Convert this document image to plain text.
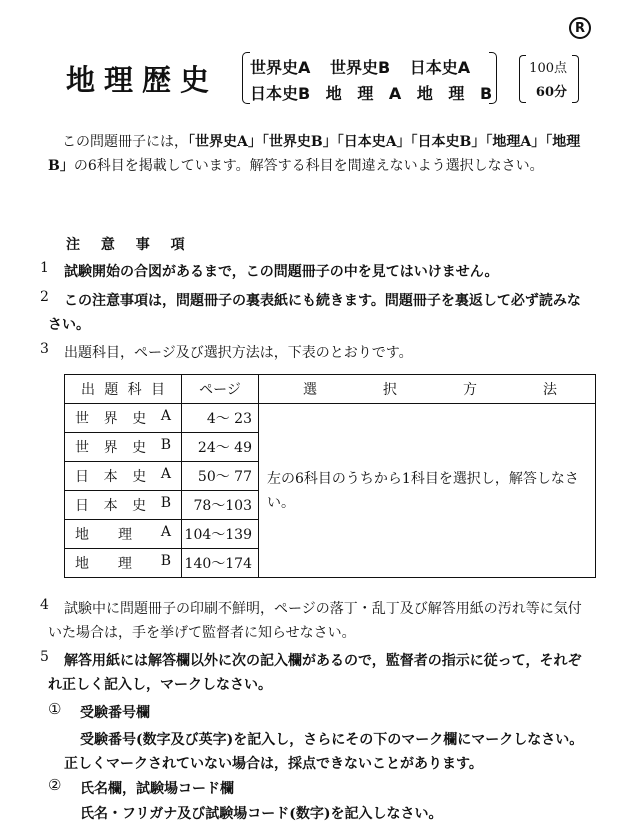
R
地理歴史 世界史A 世界史B 日本史A
日本史B 地 理 A 地 理 B
100点
60分
この問題冊子には，「世界史A」「世界史B」「日本史A」「日本史B」「地理A」「地理B」の6科目を掲載しています。解答する科目を間違えないよう選択しなさい。
注 意 事 項
1 試験開始の合図があるまで，この問題冊子の中を見てはいけません。
2	この注意事項は，問題冊子の裏表紙にも続きます。問題冊子を裏返して必ず読みなさい。
3 出題科目，ページ及び選択方法は，下表のとおりです。
出 題 科 目	ページ	選 択 方 法

世 界 史 A	4〜 23	左の6科目のうちから1科目を選択し，解答しなさい。

世 界 史 B	24〜 49	

日 本 史 A	50〜 77	

日 本 史 B	78〜103	

地 理 A	104〜139	

地 理 B	140〜174	
4	試験中に問題冊子の印刷不鮮明，ページの落丁・乱丁及び解答用紙の汚れ等に気付いた場合は，手を挙げて監督者に知らせなさい。
5	解答用紙には解答欄以外に次の記入欄があるので，監督者の指示に従って，それぞれ正しく記入し，マークしなさい。
① 受験番号欄
受験番号(数字及び英字)を記入し，さらにその下のマーク欄にマークしなさい。
正しくマークされていない場合は，採点できないことがあります。
② 氏名欄，試験場コード欄
氏名・フリガナ及び試験場コード(数字)を記入しなさい。
